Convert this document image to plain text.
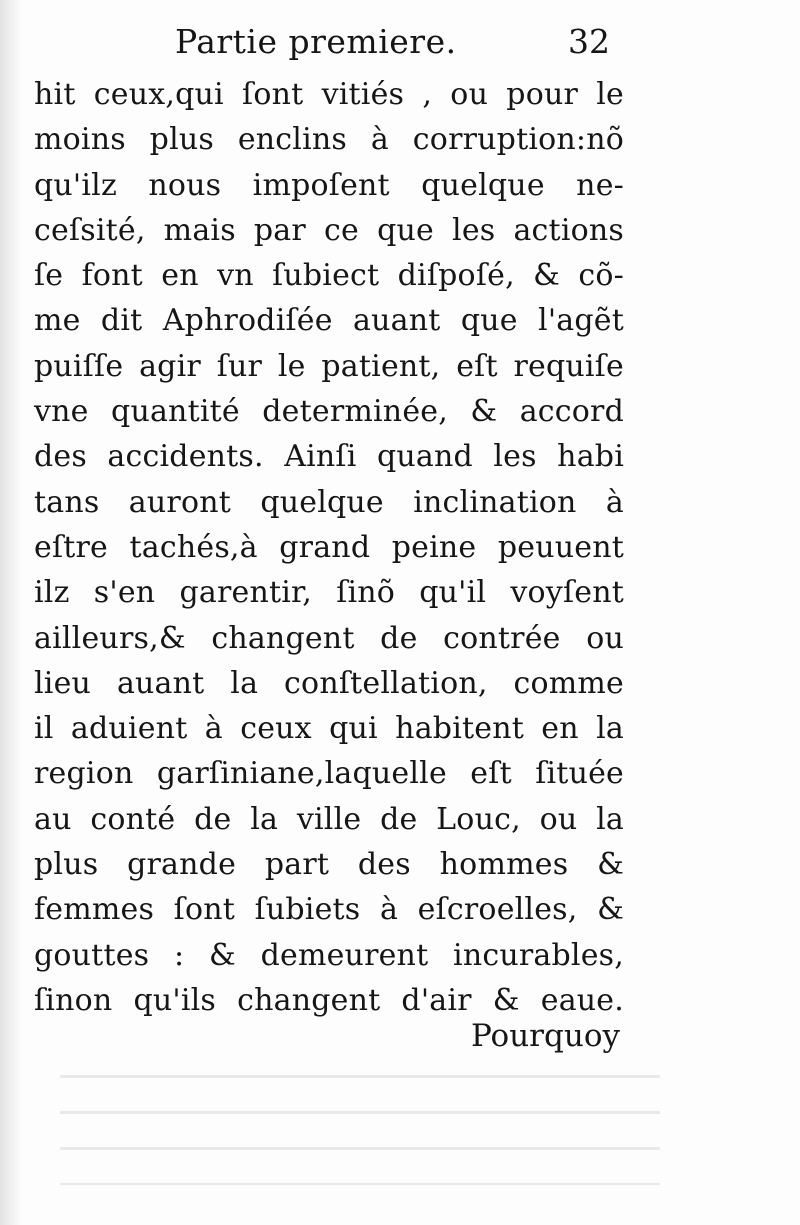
Partie premiere.	32
hit ceux,qui ſont vitiés , ou pour le
moins plus enclins à corruption:nõ
qu'ilz nous impoſent quelque ne-
ceſsité, mais par ce que les actions
ſe font en vn ſubiect diſpoſé, & cõ-
me dit Aphrodiſée auant que l'agẽt
puiſſe agir ſur le patient, eſt requiſe
vne quantité determinée, & accord
des accidents. Ainſi quand les habi
tans auront quelque inclination à
eſtre tachés,à grand peine peuuent
ilz s'en garentir, ſinõ qu'il voyſent
ailleurs,& changent de contrée ou
lieu auant la conſtellation, comme
il aduient à ceux qui habitent en la
region garſiniane,laquelle eſt ſituée
au conté de la ville de Louc, ou la
plus grande part des hommes &
femmes ſont ſubiets à eſcroelles, &
gouttes : & demeurent incurables,
ſinon qu'ils changent d'air & eaue.
Pourquoy
